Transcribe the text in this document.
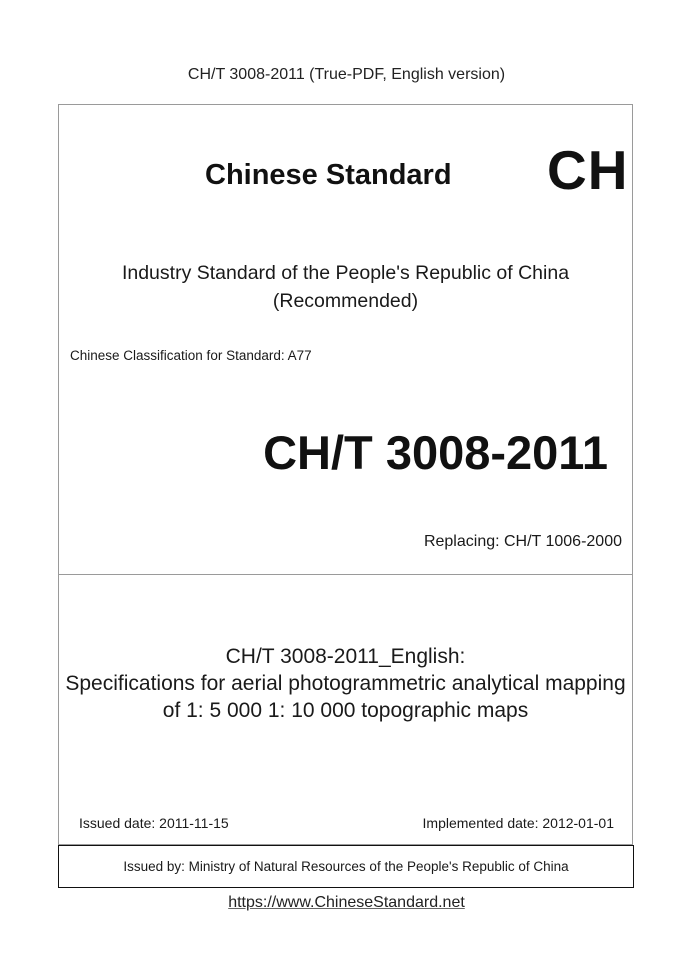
CH/T 3008-2011 (True-PDF, English version)
Chinese Standard CH
Industry Standard of the People's Republic of China
(Recommended)
Chinese Classification for Standard: A77
CH/T 3008-2011
Replacing: CH/T 1006-2000
CH/T 3008-2011_English:
Specifications for aerial photogrammetric analytical mapping
of 1: 5 000 1: 10 000 topographic maps
Issued date: 2011-11-15	Implemented date: 2012-01-01
Issued by: Ministry of Natural Resources of the People's Republic of China
https://www.ChineseStandard.net
